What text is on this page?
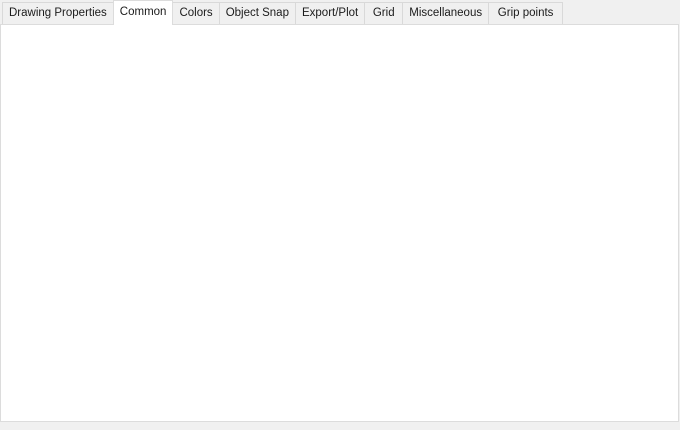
Drawing Properties	Common	Colors	Object Snap	Export/Plot	Grid	Miscellaneous	Grip points
5
9
